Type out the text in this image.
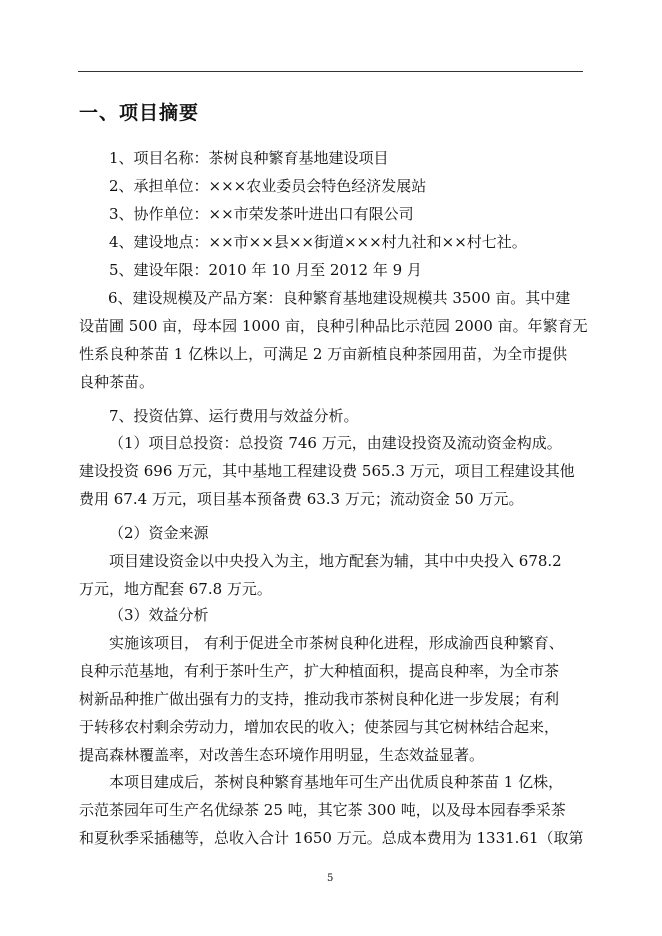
一、项目摘要
1、项目名称：茶树良种繁育基地建设项目
2、承担单位：×××农业委员会特色经济发展站
3、协作单位：××市荣发茶叶进出口有限公司
4、建设地点：××市××县××街道×××村九社和××村七社。
5、建设年限：2010 年 10 月至 2012 年 9 月
6、建设规模及产品方案：良种繁育基地建设规模共 3500 亩。其中建
设苗圃 500 亩，母本园 1000 亩，良种引种品比示范园 2000 亩。年繁育无
性系良种茶苗 1 亿株以上，可满足 2 万亩新植良种茶园用苗，为全市提供
良种茶苗。
7、投资估算、运行费用与效益分析。
（1）项目总投资：总投资 746 万元，由建设投资及流动资金构成。
建设投资 696 万元，其中基地工程建设费 565.3 万元，项目工程建设其他
费用 67.4 万元，项目基本预备费 63.3 万元；流动资金 50 万元。
（2）资金来源
项目建设资金以中央投入为主，地方配套为辅，其中中央投入 678.2
万元，地方配套 67.8 万元。
（3）效益分析
实施该项目， 有利于促进全市茶树良种化进程，形成渝西良种繁育、
良种示范基地，有利于茶叶生产，扩大种植面积，提高良种率，为全市茶
树新品种推广做出强有力的支持，推动我市茶树良种化进一步发展；有利
于转移农村剩余劳动力，增加农民的收入；使茶园与其它树林结合起来，
提高森林覆盖率，对改善生态环境作用明显，生态效益显著。
本项目建成后，茶树良种繁育基地年可生产出优质良种茶苗 1 亿株，
示范茶园年可生产名优绿茶 25 吨，其它茶 300 吨，以及母本园春季采茶
和夏秋季采插穗等，总收入合计 1650 万元。总成本费用为 1331.61（取第
5
